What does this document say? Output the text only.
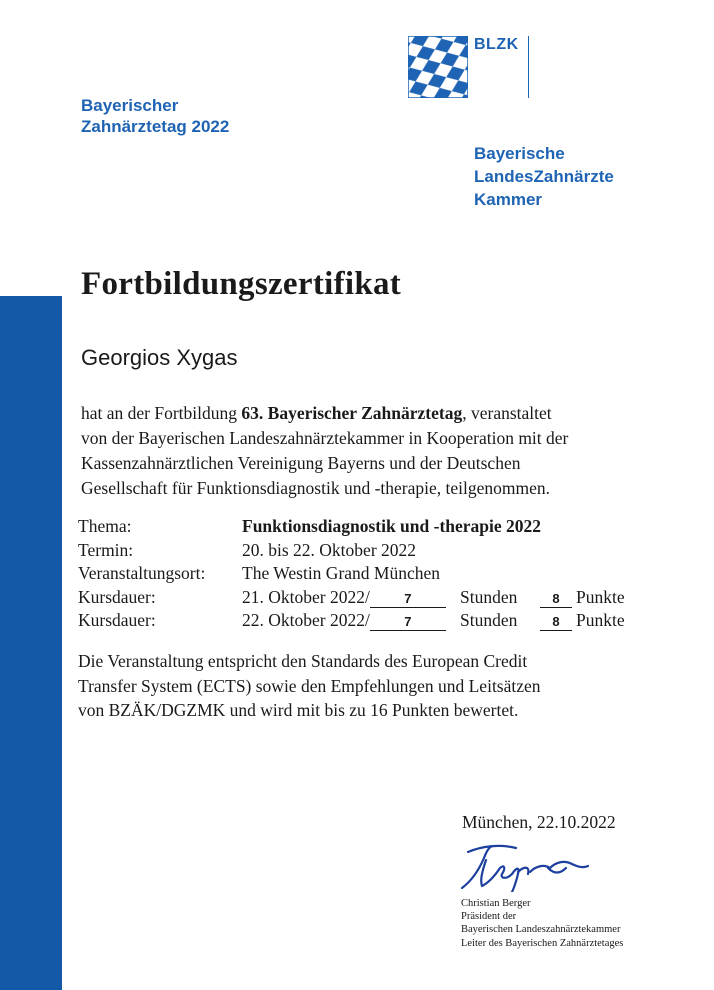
Bayerischer
Zahnärztetag 2022
BLZK
Bayerische
LandesZahnärzte
Kammer
Fortbildungszertifikat
Georgios Xygas
hat an der Fortbildung 63. Bayerischer Zahnärztetag, veranstaltet
von der Bayerischen Landeszahnärztekammer in Kooperation mit der
Kassenzahnärztlichen Vereinigung Bayerns und der Deutschen
Gesellschaft für Funktionsdiagnostik und -therapie, teilgenommen.
Thema:	Funktionsdiagnostik und -therapie 2022
Termin:	20. bis 22. Oktober 2022
Veranstaltungsort: The Westin Grand München
Kursdauer:	21. Oktober 2022/	7	Stunden	8 Punkte
Kursdauer:	22. Oktober 2022/	7	Stunden	8 Punkte
Die Veranstaltung entspricht den Standards des European Credit
Transfer System (ECTS) sowie den Empfehlungen und Leitsätzen
von BZÄK/DGZMK und wird mit bis zu 16 Punkten bewertet.
München, 22.10.2022
Christian Berger
Präsident der
Bayerischen Landeszahnärztekammer
Leiter des Bayerischen Zahnärztetages
